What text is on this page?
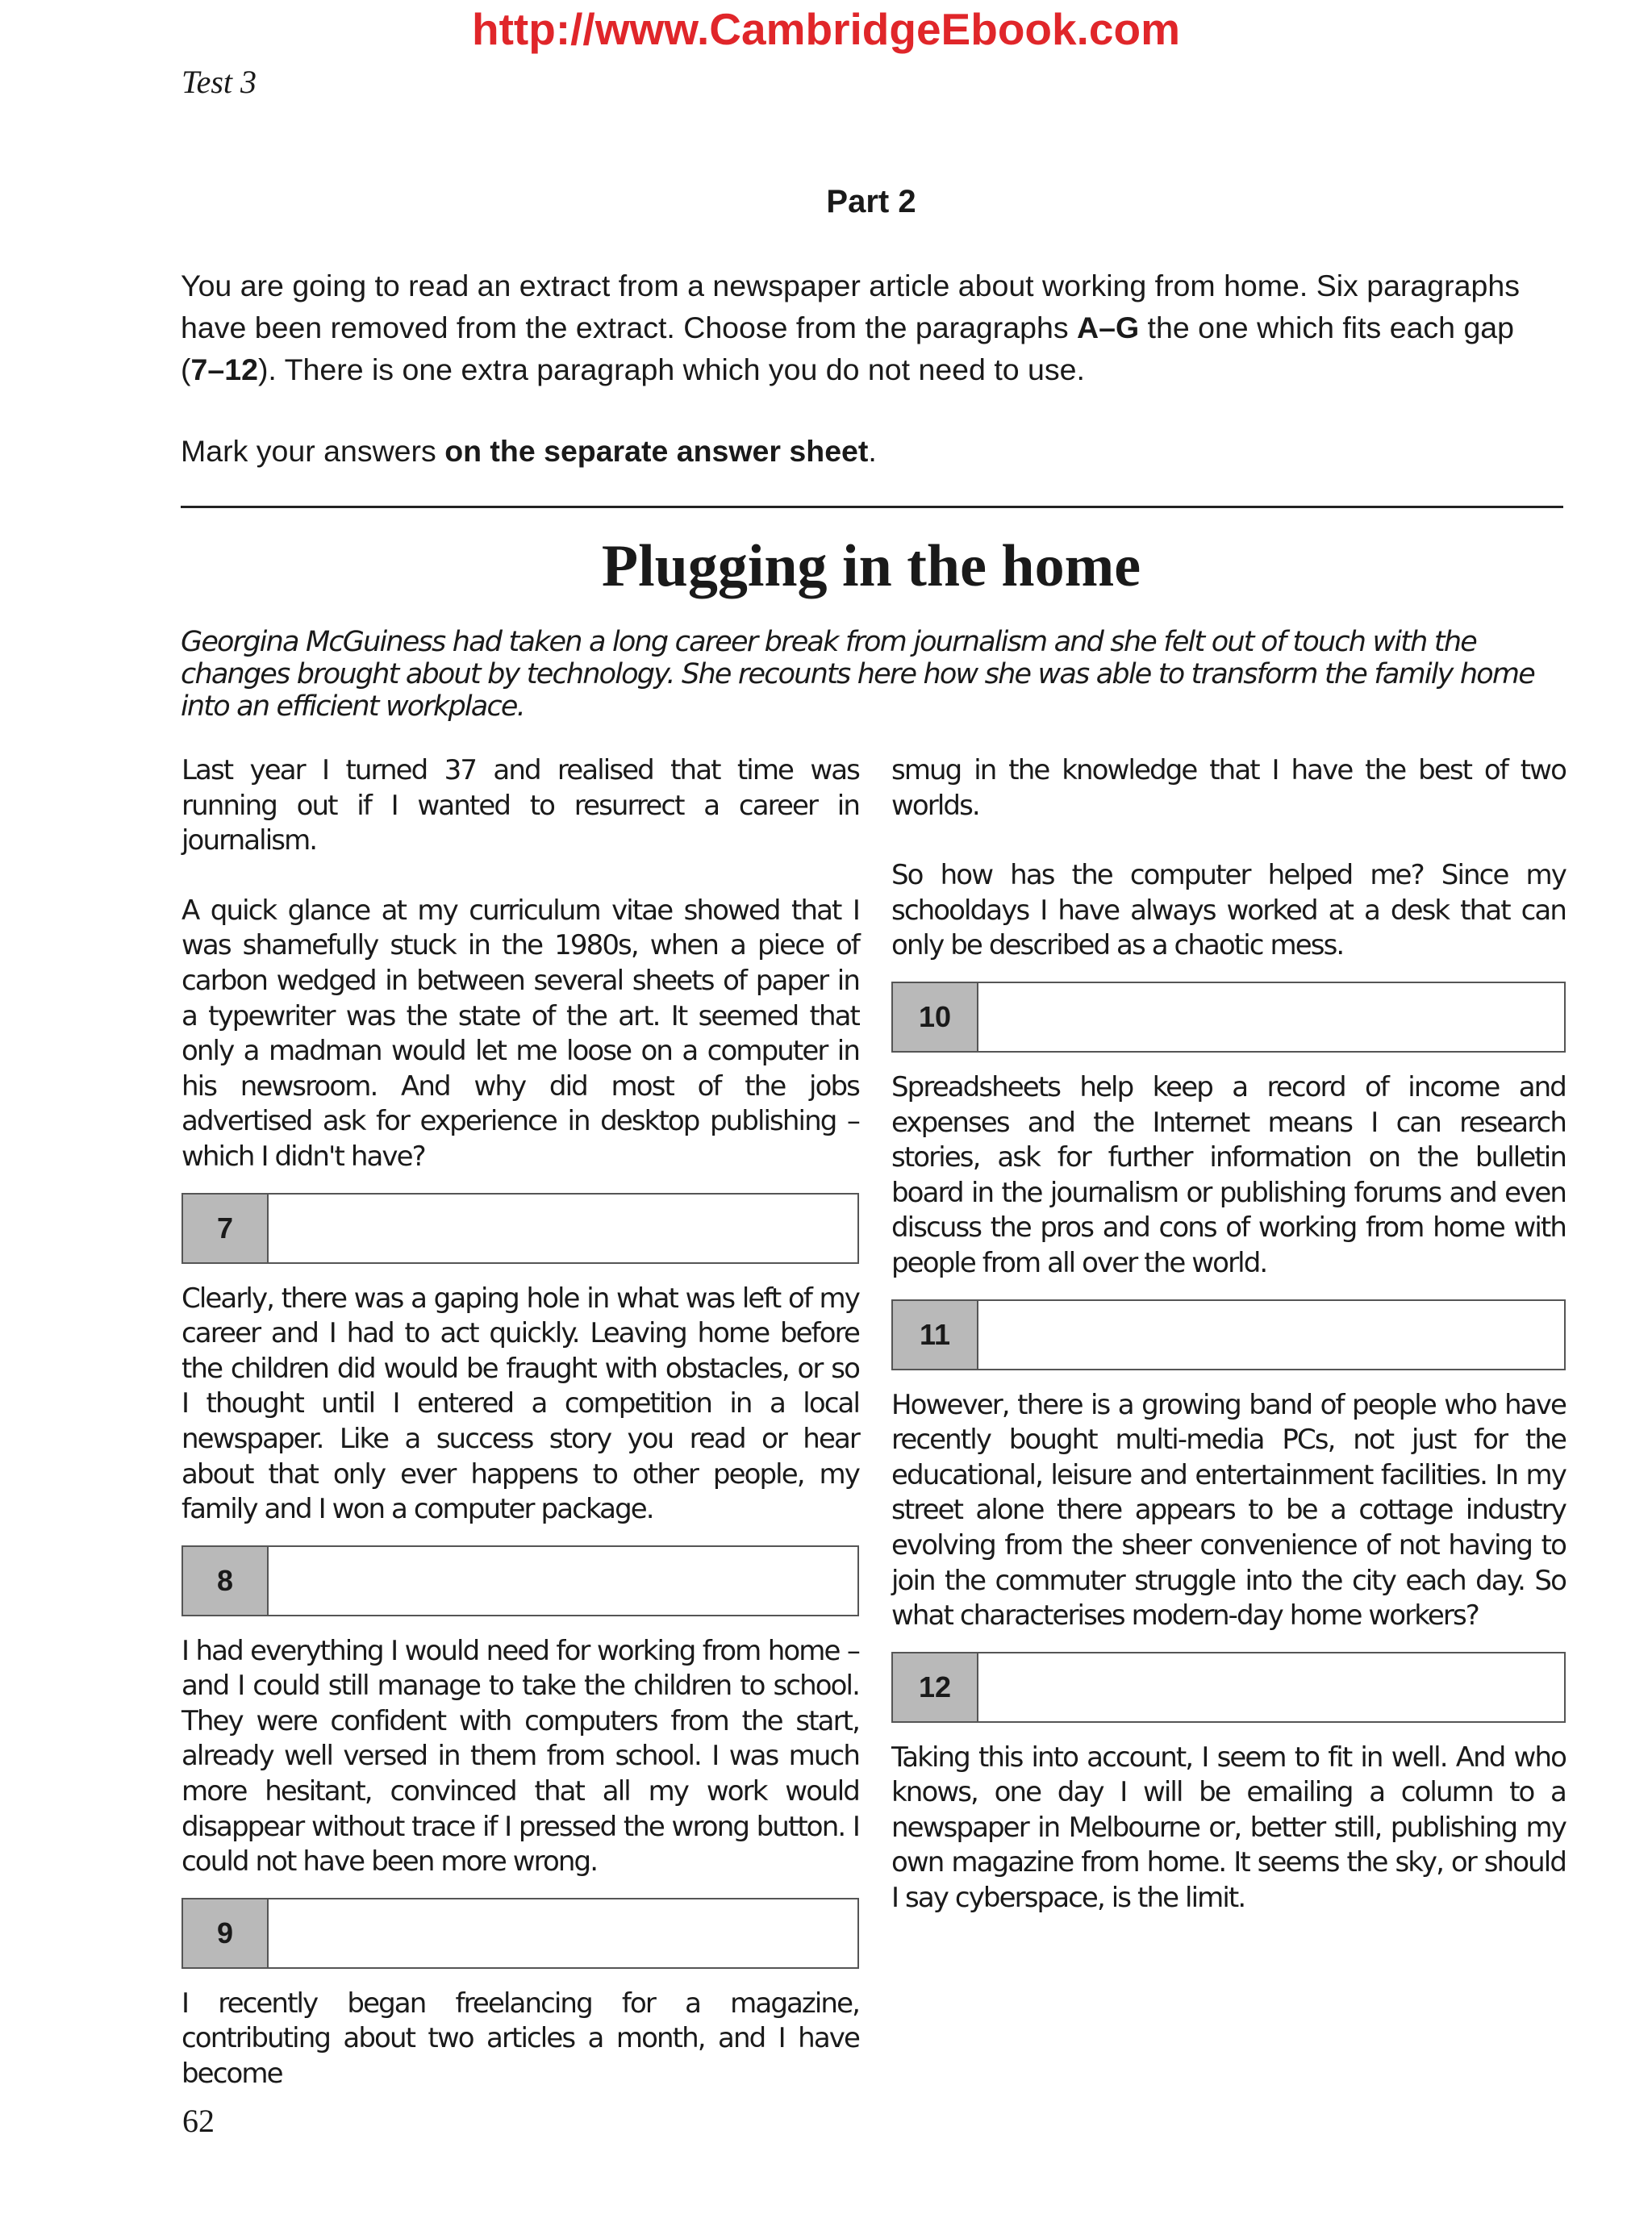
http://www.CambridgeEbook.com
Test 3
Part 2

You are going to read an extract from a newspaper article about working from home. Six paragraphs have been removed from the extract. Choose from the paragraphs A–G the one which fits each gap (7–12). There is one extra paragraph which you do not need to use.

Mark your answers on the separate answer sheet.

Plugging in the home

Georgina McGuiness had taken a long career break from journalism and she felt out of touch with the changes brought about by technology. She recounts here how she was able to transform the family home into an efficient workplace.

Last year I turned 37 and realised that time was running out if I wanted to resurrect a career in journalism.

A quick glance at my curriculum vitae showed that I was shamefully stuck in the 1980s, when a piece of carbon wedged in between several sheets of paper in a typewriter was the state of the art. It seemed that only a madman would let me loose on a computer in his newsroom. And why did most of the jobs advertised ask for experience in desktop publishing – which I didn't have?

7

Clearly, there was a gaping hole in what was left of my career and I had to act quickly. Leaving home before the children did would be fraught with obstacles, or so I thought until I entered a competition in a local newspaper. Like a success story you read or hear about that only ever happens to other people, my family and I won a computer package.

8

I had everything I would need for working from home – and I could still manage to take the children to school. They were confident with computers from the start, already well versed in them from school. I was much more hesitant, convinced that all my work would disappear without trace if I pressed the wrong button. I could not have been more wrong.

9

I recently began freelancing for a magazine, contributing about two articles a month, and I have become

smug in the knowledge that I have the best of two worlds.

So how has the computer helped me? Since my schooldays I have always worked at a desk that can only be described as a chaotic mess.

10

Spreadsheets help keep a record of income and expenses and the Internet means I can research stories, ask for further information on the bulletin board in the journalism or publishing forums and even discuss the pros and cons of working from home with people from all over the world.

11

However, there is a growing band of people who have recently bought multi-media PCs, not just for the educational, leisure and entertainment facilities. In my street alone there appears to be a cottage industry evolving from the sheer convenience of not having to join the commuter struggle into the city each day. So what characterises modern-day home workers?

12

Taking this into account, I seem to fit in well. And who knows, one day I will be emailing a column to a newspaper in Melbourne or, better still, publishing my own magazine from home. It seems the sky, or should I say cyberspace, is the limit.

62
